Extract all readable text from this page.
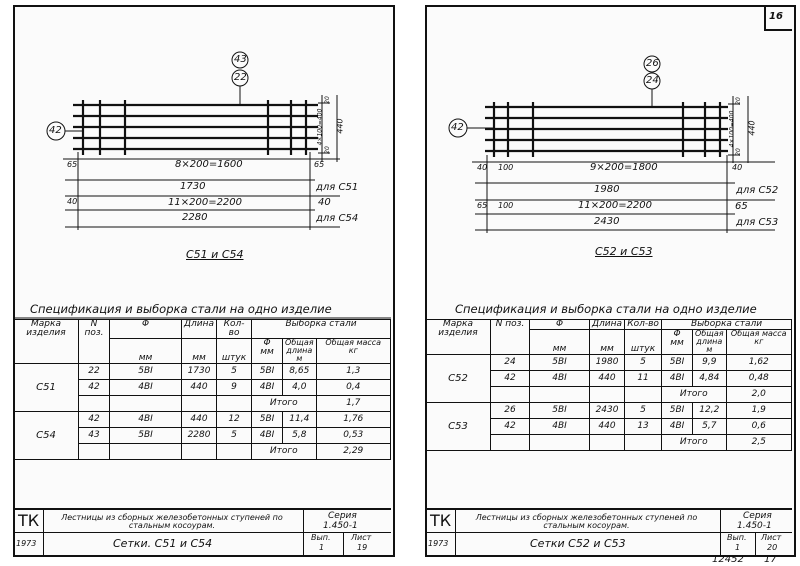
16
43
22
42
65	8×200=1600	65
1730	для С51
40	11×200=2200	40
2280	для С54
20
4×100=400
20
440
С51 и С54
Спецификация и выборка стали на одно изделие
Марка изделия	N поз.	Φ	Длина	Кол-во	Выборка стали		
		мм	мм	штук	Φ
мм	Общая длина
м	Общая масса
кг
С51	22	5ВI	1730	5	5ВI	8,65	1,3
	42	4ВI	440	9	4ВI	4,0	0,4
					Итого		1,7
С54	42	4ВI	440	12	5ВI	11,4	1,76
	43	5ВI	2280	5	4ВI	5,8	0,53
					Итого		2,29
ТК	Лестницы из сборных железобетонных ступеней по стальным косоурам.
Серия
1.450-1
1973	Сетки. С51 и С54	Вып.
1
Лист
19
26
24
42
40 100	9×200=1800	40
1980	для С52
65 100	11×200=2200	65
2430	для С53
20
4×100=400
20
440
С52 и С53
Спецификация и выборка стали на одно изделие
Марка изделия	N поз.	Φ	Длина	Кол-во	Выборка стали		
		мм	мм	штук	Φ
мм	Общая длина
м	Общая масса
кг
С52	24	5ВI	1980	5	5ВI	9,9	1,62
	42	4ВI	440	11	4ВI	4,84	0,48
					Итого		2,0
С53	26	5ВI	2430	5	5ВI	12,2	1,9
	42	4ВI	440	13	4ВI	5,7	0,6
					Итого		2,5
ТК	Лестницы из сборных железобетонных ступеней по стальным косоурам.
Серия
1.450-1
1973	Сетки С52 и С53	Вып.
1
Лист
20
12452 17
